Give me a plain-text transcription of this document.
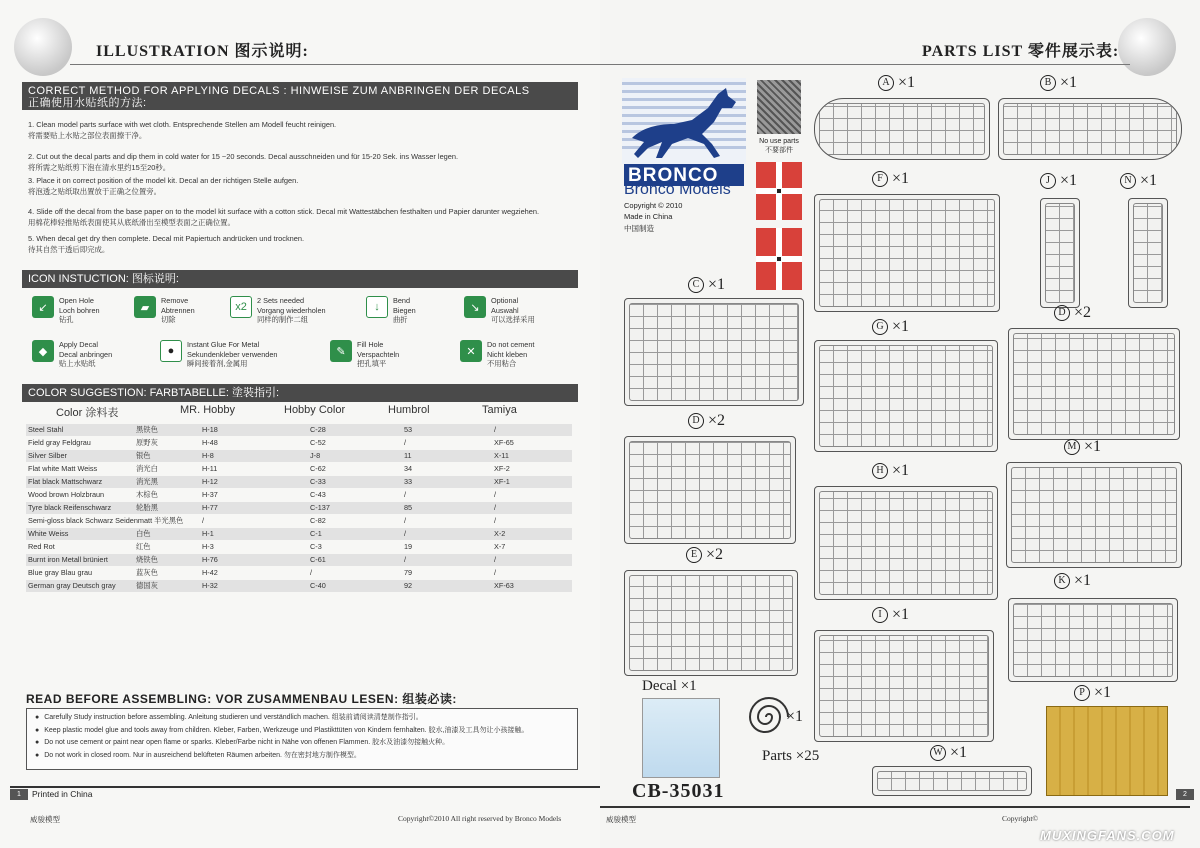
ILLUSTRATION 图示说明:
CORRECT METHOD FOR APPLYING DECALS : HINWEISE ZUM ANBRINGEN DER DECALS
正确使用水贴纸的方法:
1. Clean model parts surface with wet cloth. Entsprechende Stellen am Modell feucht reinigen.
将需要贴上水贴之部位表面擦干净。
2. Cut out the decal parts and dip them in cold water for 15 ~20 seconds. Decal ausschneiden und für 15-20 Sek. ins Wasser legen.
将所需之贴纸剪下泡在清水里约15至20秒。
3. Place it on correct position of the model kit. Decal an der richtigen Stelle aufgen.
将泡透之贴纸取出置放于正确之位置旁。
4. Slide off the decal from the base paper on to the model kit surface with a cotton stick. Decal mit Wattestäbchen festhalten und Papier darunter wegziehen.
用棉花棒轻推贴纸表面使其从底纸滑出至模型表面之正确位置。
5. When decal get dry then complete. Decal mit Papiertuch andrücken und trocknen.
待其自然干透后即完成。
ICON INSTUCTION: 图标说明:
↙
Open Hole
Loch bohren
钻孔
▰
Remove
Abtrennen
切除
x2
2 Sets needed
Vorgang wiederholen
同样的制作二组
↓
Bend
Biegen
曲折
↘
Optional
Auswahl
可以选择采用
◆
Apply Decal
Decal anbringen
贴上水贴纸
●
Instant Glue For Metal
Sekundenkleber verwenden
瞬间接着剂,金属用
✎
Fill Hole
Verspachteln
把孔填平
✕
Do not cement
Nicht kleben
不用粘合
COLOR SUGGESTION: FARBTABELLE: 塗裝指引:
Color 涂料表	MR. Hobby	Hobby Color	Humbrol	Tamiya
Steel Stahl	黑铁色	H-18	C-28	53	/
Field gray Feldgrau	原野灰	H-48	C-52	/	XF-65
Silver Silber	银色	H-8	J-8	11	X-11
Flat white Matt Weiss	消光白	H-11	C-62	34	XF-2
Flat black Mattschwarz	消光黑	H-12	C-33	33	XF-1
Wood brown Holzbraun	木棕色	H-37	C-43	/	/
Tyre black Reifenschwarz	轮胎黑	H-77	C-137	85	/
Semi-gloss black Schwarz Seidenmatt 半光黑色	/	C-82	/	/
White Weiss	白色	H-1	C-1	/	X-2
Red Rot	红色	H-3	C-3	19	X-7
Burnt iron Metall brüniert	烧铁色	H-76	C-61	/	/
Blue gray Blau grau	蓝灰色	H-42	/	79	/
German gray Deutsch gray	德国灰	H-32	C-40	92	XF-63
READ BEFORE ASSEMBLING: VOR ZUSAMMENBAU LESEN: 组装必读:
● Carefully Study instruction before assembling. Anleitung studieren und verständlich machen. 组装前请阅读清楚制作指引。
● Keep plastic model glue and tools away from children. Kleber, Farben, Werkzeuge und Plastikttüten von Kindern fernhalten. 胶水,油漆及工具勿让小孩接触。
● Do not use cement or paint near open flame or sparks. Kleber/Farbe nicht in Nähe von offenen Flammen. 胶水及油漆勿接触火种。
● Do not work in closed room. Nur in ausreichend belüfteten Räumen arbeiten. 勿在密封地方制作模型。
1	Printed in China
威骏模型	Copyright©2010 All right reserved by Bronco Models
PARTS LIST 零件展示表:
BRONCO
Bronco Models
Copyright © 2010
Made in China
中国制造
No use parts
不要部件
A ×1	B ×1
F ×1	J ×1	N ×1
C ×1
G ×1
D ×2
D ×2
H ×1
M ×1
E ×2
K ×1
I ×1
Decal ×1
×1
Parts ×25
P ×1
W ×1
CB-35031	2
威骏模型	Copyright©
MUXINGFANS.COM
